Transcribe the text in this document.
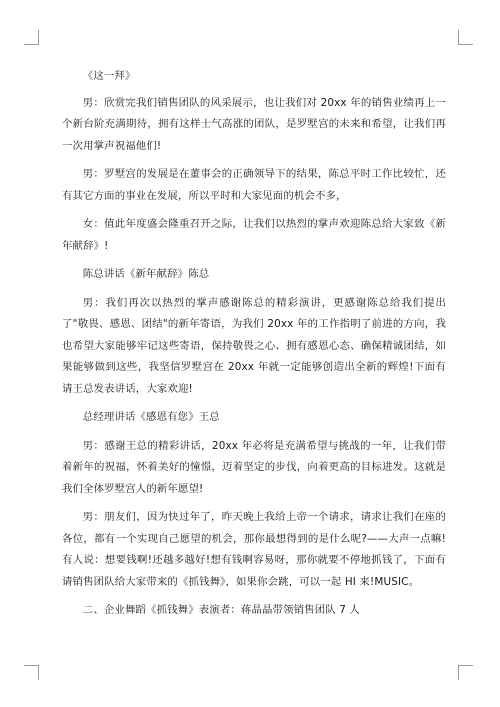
《这一拜》

男：欣赏完我们销售团队的风采展示，也让我们对 20xx 年的销售业绩再上一个新台阶充满期待，拥有这样士气高涨的团队，是罗墅宫的未来和希望，让我们再一次用掌声祝福他们!

男：罗墅宫的发展是在董事会的正确领导下的结果，陈总平时工作比较忙，还有其它方面的事业在发展，所以平时和大家见面的机会不多，

女：值此年度盛会隆重召开之际，让我们以热烈的掌声欢迎陈总给大家致《新年献辞》!

陈总讲话《新年献辞》陈总

男：我们再次以热烈的掌声感谢陈总的精彩演讲，更感谢陈总给我们提出了"敬畏、感恩、团结"的新年寄语，为我们 20xx 年的工作指明了前进的方向，我也希望大家能够牢记这些寄语，保持敬畏之心、拥有感恩心态、确保精诚团结，如果能够做到这些，我坚信罗墅宫在 20xx 年就一定能够创造出全新的辉煌!下面有请王总发表讲话，大家欢迎!

总经理讲话《感恩有您》王总

男：感谢王总的精彩讲话，20xx 年必将是充满希望与挑战的一年，让我们带着新年的祝福，怀着美好的憧憬，迈着坚定的步伐，向着更高的目标进发。这就是我们全体罗墅宫人的新年愿望!

男：朋友们，因为快过年了，昨天晚上我给上帝一个请求，请求让我们在座的各位，都有一个实现自己愿望的机会，那你最想得到的是什么呢?——大声一点嘛!有人说：想要钱啊!还越多越好!想有钱啊容易呀，那你就要不停地抓钱了，下面有请销售团队给大家带来的《抓钱舞》，如果你会跳，可以一起 HI 来!MUSIC。

二、企业舞蹈《抓钱舞》表演者：蒋晶晶带领销售团队 7 人
